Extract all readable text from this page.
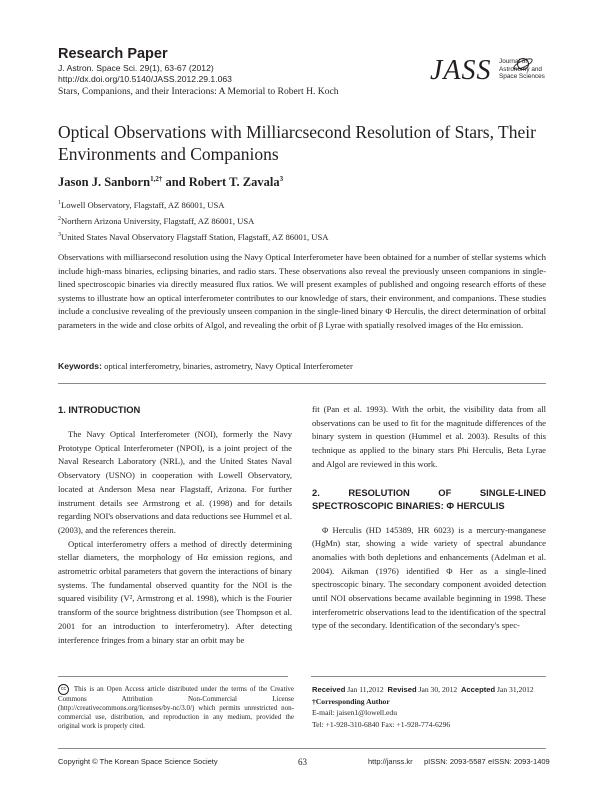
Research Paper
J. Astron. Space Sci. 29(1), 63-67 (2012)
http://dx.doi.org/10.5140/JASS.2012.29.1.063
Stars, Companions, and their Interacions: A Memorial to Robert H. Koch
JASS Journal of
Astronomy and
Space Sciences
Optical Observations with Milliarcsecond Resolution of Stars, Their Environments and Companions
Jason J. Sanborn$^{1,2\dagger}$ and Robert T. Zavala$^3$
$^1$Lowell Observatory, Flagstaff, AZ 86001, USA
$^2$Northern Arizona University, Flagstaff, AZ 86001, USA
$^3$United States Naval Observatory Flagstaff Station, Flagstaff, AZ 86001, USA
Observations with milliarsecond resolution using the Navy Optical Interferometer have been obtained for a number of stellar systems which include high-mass binaries, eclipsing binaries, and radio stars. These observations also reveal the previously unseen companions in single-lined spectroscopic binaries via directly measured flux ratios. We will present examples of published and ongoing research efforts of these systems to illustrate how an optical interferometer contributes to our knowledge of stars, their environment, and companions. These studies include a conclusive revealing of the previously unseen companion in the single-lined binary Φ Herculis, the direct determination of orbital parameters in the wide and close orbits of Algol, and revealing the orbit of β Lyrae with spatially resolved images of the Hα emission.
Keywords: optical interferometry, binaries, astrometry, Navy Optical Interferometer
1. INTRODUCTION

The Navy Optical Interferometer (NOI), formerly the Navy Prototype Optical Interferometer (NPOI), is a joint project of the Naval Research Laboratory (NRL), and the United States Naval Observatory (USNO) in cooperation with Lowell Observatory, located at Anderson Mesa near Flagstaff, Arizona. For further instrument details see Armstrong et al. (1998) and for details regarding NOI's observations and data reductions see Hummel et al. (2003), and the references therein.

Optical interferometry offers a method of directly determining stellar diameters, the morphology of Hα emission regions, and astrometric orbital parameters that govern the interactions of binary systems. The fundamental observed quantity for the NOI is the squared visibility (V², Armstrong et al. 1998), which is the Fourier transform of the source brightness distribution (see Thompson et al. 2001 for an introduction to interferometry). After detecting interference fringes from a binary star an orbit may be

fit (Pan et al. 1993). With the orbit, the visibility data from all observations can be used to fit for the magnitude differences of the binary system in question (Hummel et al. 2003). Results of this technique as applied to the binary stars Phi Herculis, Beta Lyrae and Algol are reviewed in this work.

2. RESOLUTION OF SINGLE-LINED SPECTROSCOPIC BINARIES: Φ HERCULIS

Φ Herculis (HD 145389, HR 6023) is a mercury-manganese (HgMn) star, showing a wide variety of spectral abundance anomalies with both depletions and enhancements (Adelman et al. 2004). Aikman (1976) identified Φ Her as a single-lined spectroscopic binary. The secondary component avoided detection until NOI observations became available beginning in 1998. These interferometric observations lead to the identification of the spectral type of the secondary. Identification of the secondary's spec-

cc This is an Open Access article distributed under the terms of the Creative Commons Attribution Non-Commercial License (http://creativecommons.org/licenses/by-nc/3.0/) which permits unrestricted non-commercial use, distribution, and reproduction in any medium, provided the original work is properly cited.
Received Jan 11,2012 Revised Jan 30, 2012 Accepted Jan 31,2012
†Corresponding Author
E-mail: jaisen1@lowell.edu
Tel: +1-928-310-6840 Fax: +1-928-774-6296
Copyright © The Korean Space Science Society	63	http://janss.kr pISSN: 2093-5587 eISSN: 2093-1409
